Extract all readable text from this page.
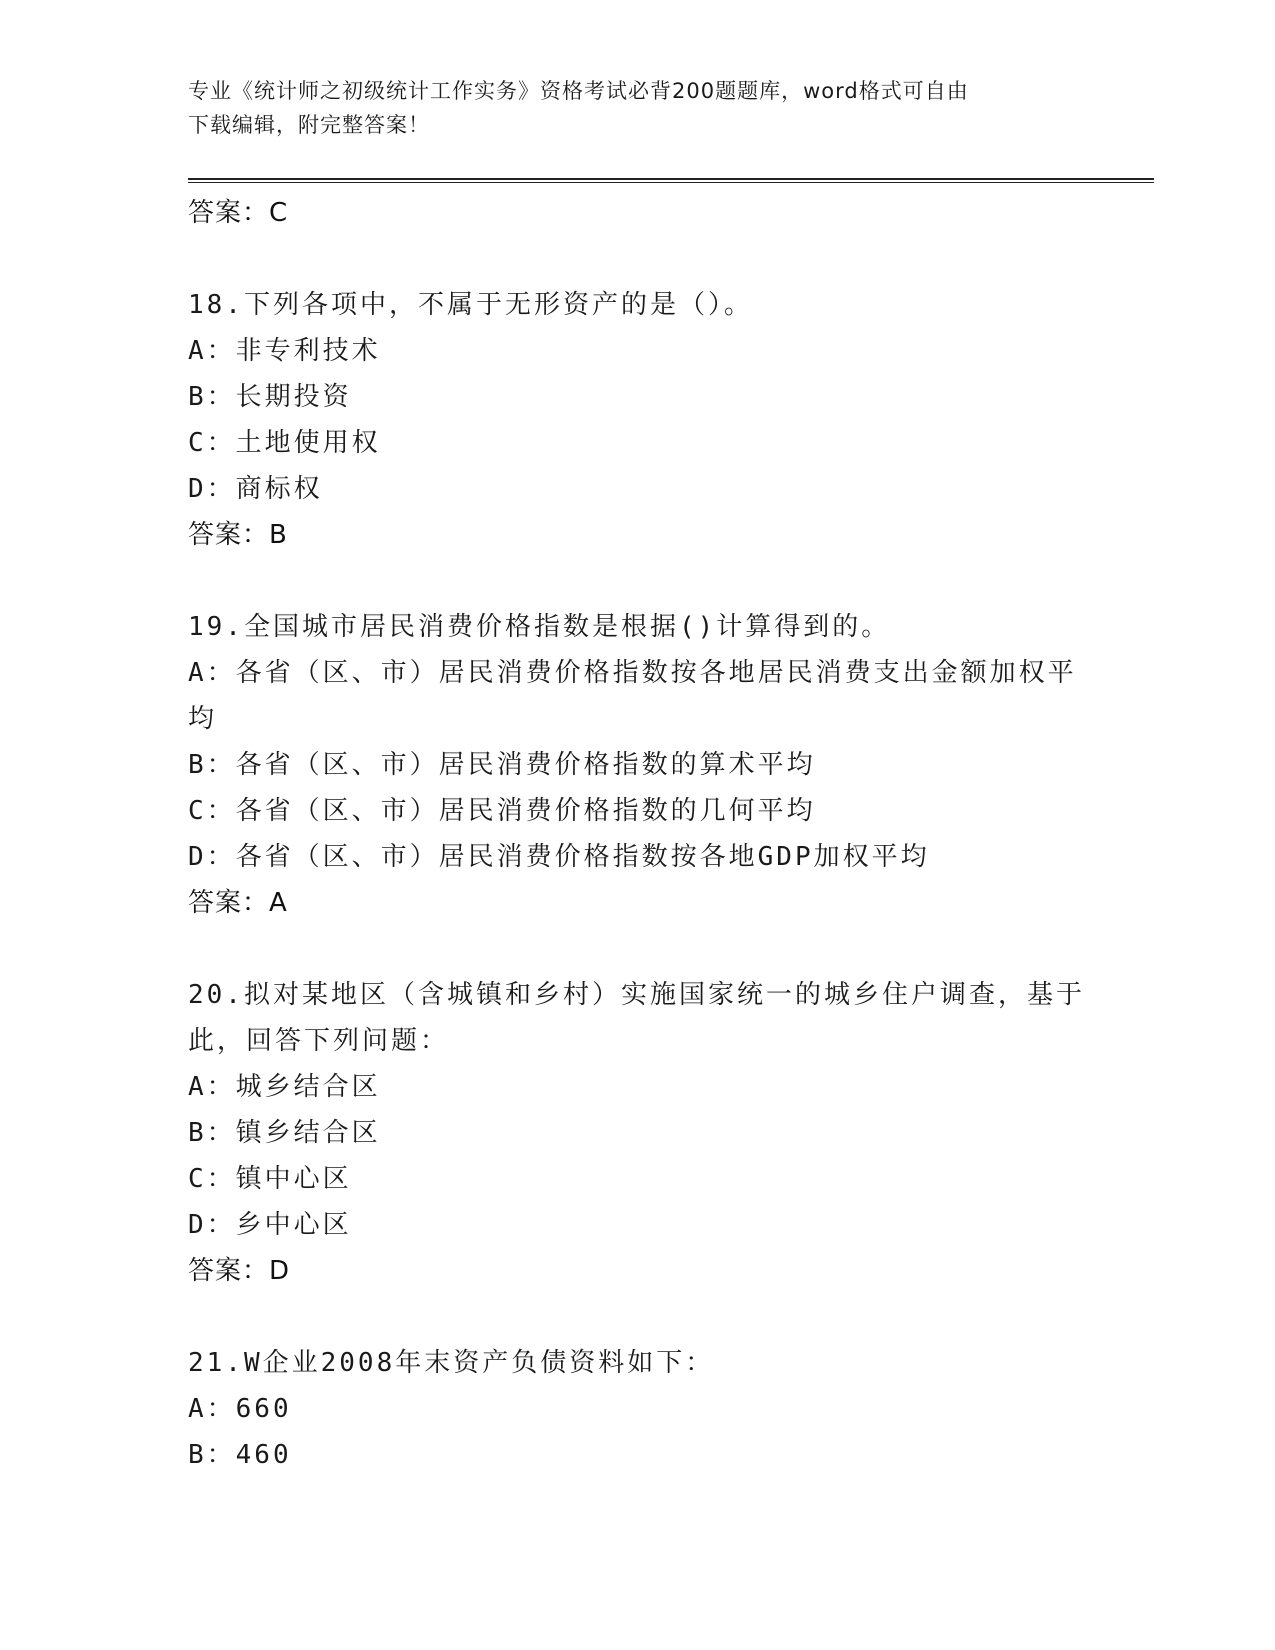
专业《统计师之初级统计工作实务》资格考试必背200题题库，word格式可自由
下载编辑，附完整答案！
答案：C
18.下列各项中，不属于无形资产的是（）。
A：非专利技术
B：长期投资
C：土地使用权
D：商标权
答案：B
19.全国城市居民消费价格指数是根据()计算得到的。
A：各省（区、市）居民消费价格指数按各地居民消费支出金额加权平均
B：各省（区、市）居民消费价格指数的算术平均
C：各省（区、市）居民消费价格指数的几何平均
D：各省（区、市）居民消费价格指数按各地GDP加权平均
答案：A
20.拟对某地区（含城镇和乡村）实施国家统一的城乡住户调查，基于此，回答下列问题：
A：城乡结合区
B：镇乡结合区
C：镇中心区
D：乡中心区
答案：D
21.W企业2008年末资产负债资料如下：
A：660
B：460
